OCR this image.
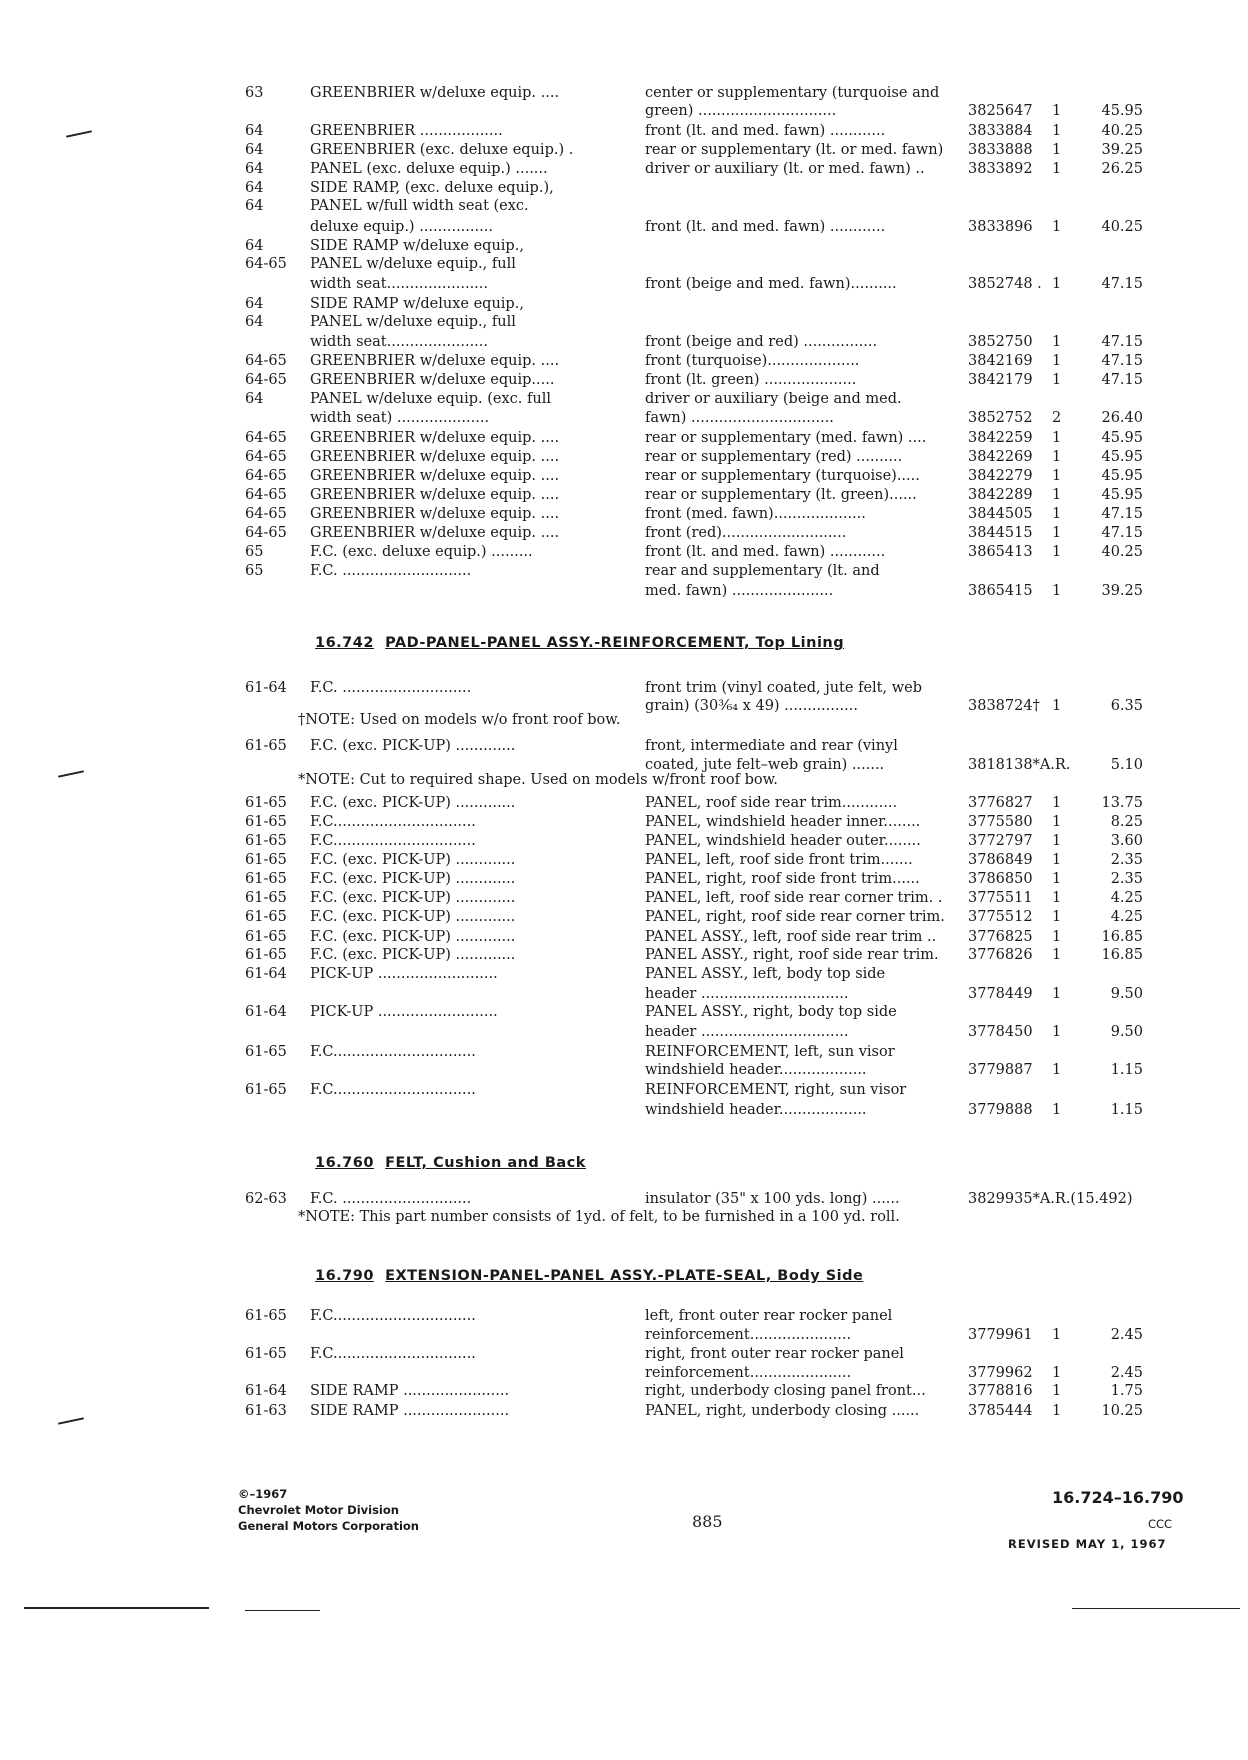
63	GREENBRIER w/deluxe equip. ....	center or supplementary (turquoise and
green) ..............................	3825647 1	45.95
64	GREENBRIER ..................	front (lt. and med. fawn) ............	3833884 1	40.25
64	GREENBRIER (exc. deluxe equip.) .	rear or supplementary (lt. or med. fawn)	3833888 1	39.25
64	PANEL (exc. deluxe equip.) .......	driver or auxiliary (lt. or med. fawn) ..	3833892 1	26.25
64	SIDE RAMP, (exc. deluxe equip.),
64	PANEL w/full width seat (exc.
deluxe equip.) ................	front (lt. and med. fawn) ............	3833896 1	40.25
64	SIDE RAMP w/deluxe equip.,
64-65 PANEL w/deluxe equip., full
width seat......................	front (beige and med. fawn)..........	3852748 . 1	47.15
64	SIDE RAMP w/deluxe equip.,
64	PANEL w/deluxe equip., full
width seat......................	front (beige and red) ................	3852750 1	47.15
64-65 GREENBRIER w/deluxe equip. ....	front (turquoise)....................	3842169 1	47.15
64-65 GREENBRIER w/deluxe equip.....	front (lt. green) ....................	3842179 1	47.15
64	PANEL w/deluxe equip. (exc. full	driver or auxiliary (beige and med.
width seat) ....................	fawn) ...............................	3852752 2	26.40
64-65 GREENBRIER w/deluxe equip. ....	rear or supplementary (med. fawn) ....	3842259 1	45.95
64-65 GREENBRIER w/deluxe equip. ....	rear or supplementary (red) ..........	3842269 1	45.95
64-65 GREENBRIER w/deluxe equip. ....	rear or supplementary (turquoise).....	3842279 1	45.95
64-65 GREENBRIER w/deluxe equip. ....	rear or supplementary (lt. green)......	3842289 1	45.95
64-65 GREENBRIER w/deluxe equip. ....	front (med. fawn)....................	3844505 1	47.15
64-65 GREENBRIER w/deluxe equip. ....	front (red)...........................	3844515 1	47.15
65	F.C. (exc. deluxe equip.) .........	front (lt. and med. fawn) ............	3865413 1	40.25
65	F.C. ............................	rear and supplementary (lt. and
med. fawn) ......................	3865415 1	39.25
61-64 F.C. ............................	front trim (vinyl coated, jute felt, web
grain) (30³⁄₆₄ x 49) ................	3838724† 1	6.35
61-65 F.C. (exc. PICK-UP) .............	front, intermediate and rear (vinyl
coated, jute felt–web grain) .......	3818138*A.R.	5.10
61-65 F.C. (exc. PICK-UP) .............	PANEL, roof side rear trim............	3776827 1	13.75
61-65 F.C...............................	PANEL, windshield header inner........	3775580 1	8.25
61-65 F.C...............................	PANEL, windshield header outer........	3772797 1	3.60
61-65 F.C. (exc. PICK-UP) .............	PANEL, left, roof side front trim.......	3786849 1	2.35
61-65 F.C. (exc. PICK-UP) .............	PANEL, right, roof side front trim......	3786850 1	2.35
61-65 F.C. (exc. PICK-UP) .............	PANEL, left, roof side rear corner trim. .	3775511 1	4.25
61-65 F.C. (exc. PICK-UP) .............	PANEL, right, roof side rear corner trim.	3775512 1	4.25
61-65 F.C. (exc. PICK-UP) .............	PANEL ASSY., left, roof side rear trim ..	3776825 1	16.85
61-65 F.C. (exc. PICK-UP) .............	PANEL ASSY., right, roof side rear trim.	3776826 1	16.85
61-64 PICK-UP ..........................	PANEL ASSY., left, body top side
header ................................	3778449 1	9.50
61-64 PICK-UP ..........................	PANEL ASSY., right, body top side
header ................................	3778450 1	9.50
61-65 F.C...............................	REINFORCEMENT, left, sun visor
windshield header...................	3779887 1	1.15
61-65 F.C...............................	REINFORCEMENT, right, sun visor
windshield header...................	3779888 1	1.15
62-63 F.C. ............................	insulator (35" x 100 yds. long) ......	3829935*A.R.(15.492)
61-65 F.C...............................	left, front outer rear rocker panel
reinforcement......................	3779961 1	2.45
61-65 F.C...............................	right, front outer rear rocker panel
reinforcement......................	3779962 1	2.45
61-64 SIDE RAMP .......................	right, underbody closing panel front...	3778816 1	1.75
61-63 SIDE RAMP .......................	PANEL, right, underbody closing ......	3785444 1	10.25
†NOTE: Used on models w/o front roof bow.
*NOTE: Cut to required shape. Used on models w/front roof bow.
*NOTE: This part number consists of 1yd. of felt, to be furnished in a 100 yd. roll.
16.742 PAD-PANEL-PANEL ASSY.-REINFORCEMENT, Top Lining
16.760 FELT, Cushion and Back
16.790 EXTENSION-PANEL-PANEL ASSY.-PLATE-SEAL, Body Side
©–1967
Chevrolet Motor Division
General Motors Corporation	885
16.724–16.790
CCC
REVISED MAY 1, 1967
